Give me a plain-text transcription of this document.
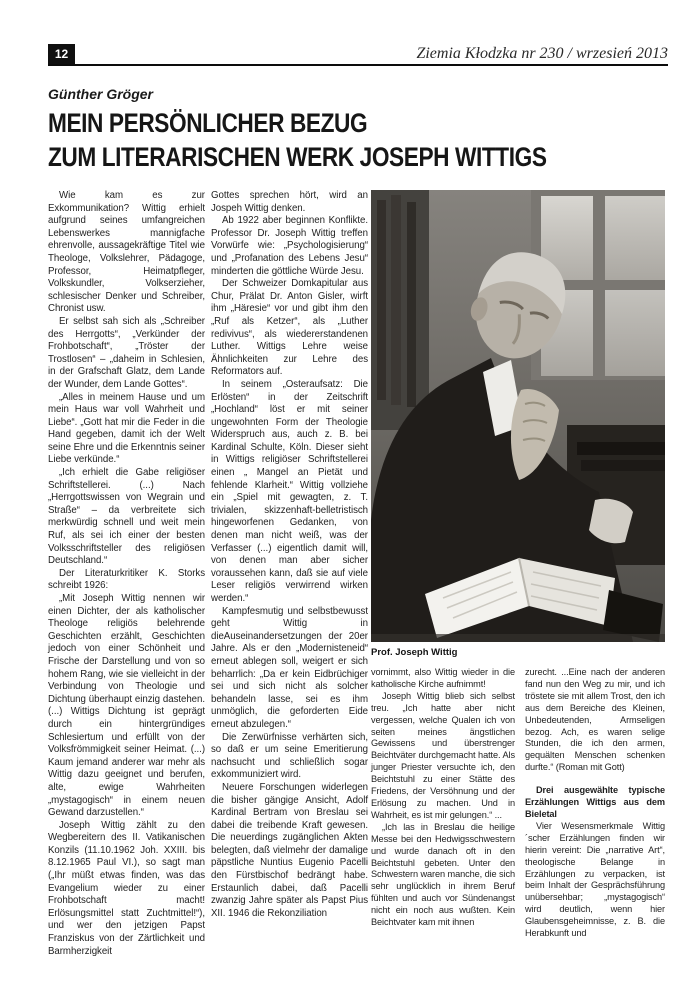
12	Ziemia Kłodzka nr 230 / wrzesień 2013
Günther Gröger
MEIN PERSÖNLICHER BEZUG
ZUM LITERARISCHEN WERK JOSEPH WITTIGS

Wie kam es zur Exkommunikation? Wittig erhielt aufgrund seines umfangreichen Lebenswerkes mannigfache ehrenvolle, aussagekräftige Titel wie Theologe, Volkslehrer, Pädagoge, Professor, Heimatpfleger, Volkskundler, Volkserzieher, schlesischer Denker und Schreiber, Chronist usw.

Er selbst sah sich als „Schreiber des Herrgotts“, „Verkünder der Frohbotschaft“, „Tröster der Trostlosen“ – „daheim in Schlesien, in der Grafschaft Glatz, dem Lande der Wunder, dem Lande Gottes“.

„Alles in meinem Hause und um mein Haus war voll Wahrheit und Liebe“. „Gott hat mir die Feder in die Hand gegeben, damit ich der Welt seine Ehre und die Erkenntnis seiner Liebe verkünde.“

„Ich erhielt die Gabe religiöser Schriftstellerei. (...) Nach „Herrgottswissen von Wegrain und Straße“ – da verbreitete sich merkwürdig schnell und weit mein Ruf, als sei ich einer der besten Volksschriftsteller des religiösen Deutschland.“

Der Literaturkritiker K. Storks schreibt 1926:

„Mit Joseph Wittig nennen wir einen Dichter, der als katholischer Theologe religiös belehrende Geschichten erzählt, Geschichten jedoch von einer Schönheit und Frische der Darstellung und von so hohem Rang, wie sie vielleicht in der Verbindung von Theologie und Dichtung überhaupt einzig dastehen. (...) Wittigs Dichtung ist geprägt durch ein hintergründiges Schlesiertum und erfüllt von der Volksfrömmigkeit seiner Heimat. (...) Kaum jemand anderer war mehr als Wittig dazu geeignet und berufen, alte, ewige Wahrheiten „mystagogisch“ in einem neuen Gewand darzustellen.“

Joseph Wittig zählt zu den Wegbereitern des II. Vatikanischen Konzils (11.10.1962 Joh. XXIII. bis 8.12.1965 Paul VI.), so sagt man („Ihr müßt etwas finden, was das Evangelium wieder zu einer Frohbotschaft macht! Erlösungsmittel statt Zuchtmittel!“), und wer den jetzigen Papst Franziskus von der Zärtlichkeit und Barmherzigkeit

Gottes sprechen hört, wird an Jospeh Wittig denken.

Ab 1922 aber beginnen Konflikte. Professor Dr. Joseph Wittig treffen Vorwürfe wie: „Psychologisierung“ und „Profanation des Lebens Jesu“ minderten die göttliche Würde Jesu.

Der Schweizer Domkapitular aus Chur, Prälat Dr. Anton Gisler, wirft ihm „Häresie“ vor und gibt ihm den „Ruf als Ketzer“, als „Luther redivivus“, als wiedererstandenen Luther. Wittigs Lehre weise Ähnlichkeiten zur Lehre des Reformators auf.

In seinem „Osteraufsatz: Die Erlösten“ in der Zeitschrift „Hochland“ löst er mit seiner ungewohnten Form der Theologie Widerspruch aus, auch z. B. bei Kardinal Schulte, Köln. Dieser sieht in Wittigs religiöser Schriftstellerei einen „ Mangel an Pietät und fehlende Klarheit.“ Wittig vollziehe ein „Spiel mit gewagten, z. T. trivialen, skizzenhaft-belletristisch hingeworfenen Gedanken, von denen man nicht weiß, was der Verfasser (...) eigentlich damit will, von denen man aber sicher voraussehen kann, daß sie auf viele Leser religiös verwirrend wirken werden.“

Kampfesmutig und selbstbewusst geht Wittig in dieAuseinandersetzungen der 20er Jahre. Als er den „Modernisteneid“ erneut ablegen soll, weigert er sich beharrlich: „Da er kein Eidbrüchiger sei und sich nicht als solcher behandeln lasse, sei es ihm unmöglich, die geforderten Eide erneut abzulegen.“

Die Zerwürfnisse verhärten sich, so daß er um seine Emeritierung nachsucht und schließlich sogar exkommuniziert wird.

Neuere Forschungen widerlegen die bisher gängige Ansicht, Adolf Kardinal Bertram von Breslau sei dabei die treibende Kraft gewesen. Die neuerdings zugänglichen Akten belegten, daß vielmehr der damalige päpstliche Nuntius Eugenio Pacelli den Fürstbischof bedrängt habe. Erstaunlich dabei, daß Pacelli zwanzig Jahre später als Papst Pius XII. 1946 die Rekonziliation

Prof. Joseph Wittig

vornimmt, also Wittig wieder in die katholische Kirche aufnimmt!

Joseph Wittig blieb sich selbst treu. „Ich hatte aber nicht vergessen, welche Qualen ich von seiten meines ängstlichen Gewissens und überstrenger Beichtväter durchgemacht hatte. Als junger Priester versuchte ich, den Beichtstuhl zu einer Stätte des Friedens, der Versöhnung und der Erlösung zu machen. Und in Wahrheit, es ist mir gelungen.“ ...

„Ich las in Breslau die heilige Messe bei den Hedwigsschwestern und wurde danach oft in den Beichtstuhl gebeten. Unter den Schwestern waren manche, die sich sehr unglücklich in ihrem Beruf fühlten und auch vor Sündenangst nicht ein noch aus wußten. Kein Beichtvater kam mit ihnen

zurecht. ...Eine nach der anderen fand nun den Weg zu mir, und ich tröstete sie mit allem Trost, den ich aus dem Bereiche des Kleinen, Unbedeutenden, Armseligen bezog. Ach, es waren selige Stunden, die ich den armen, gequälten Menschen schenken durfte.“ (Roman mit Gott)

Drei ausgewählte typische Erzählungen Wittigs aus dem Bieletal

Vier Wesensmerkmale Wittig´scher Erzählungen finden wir hierin vereint: Die „narrative Art“, theologische Belange in Erzählungen zu verpacken, ist beim Inhalt der Gesprächsführung unübersehbar; „mystagogisch“ wird deutlich, wenn hier Glaubensgeheimnisse, z. B. die Herabkunft und
